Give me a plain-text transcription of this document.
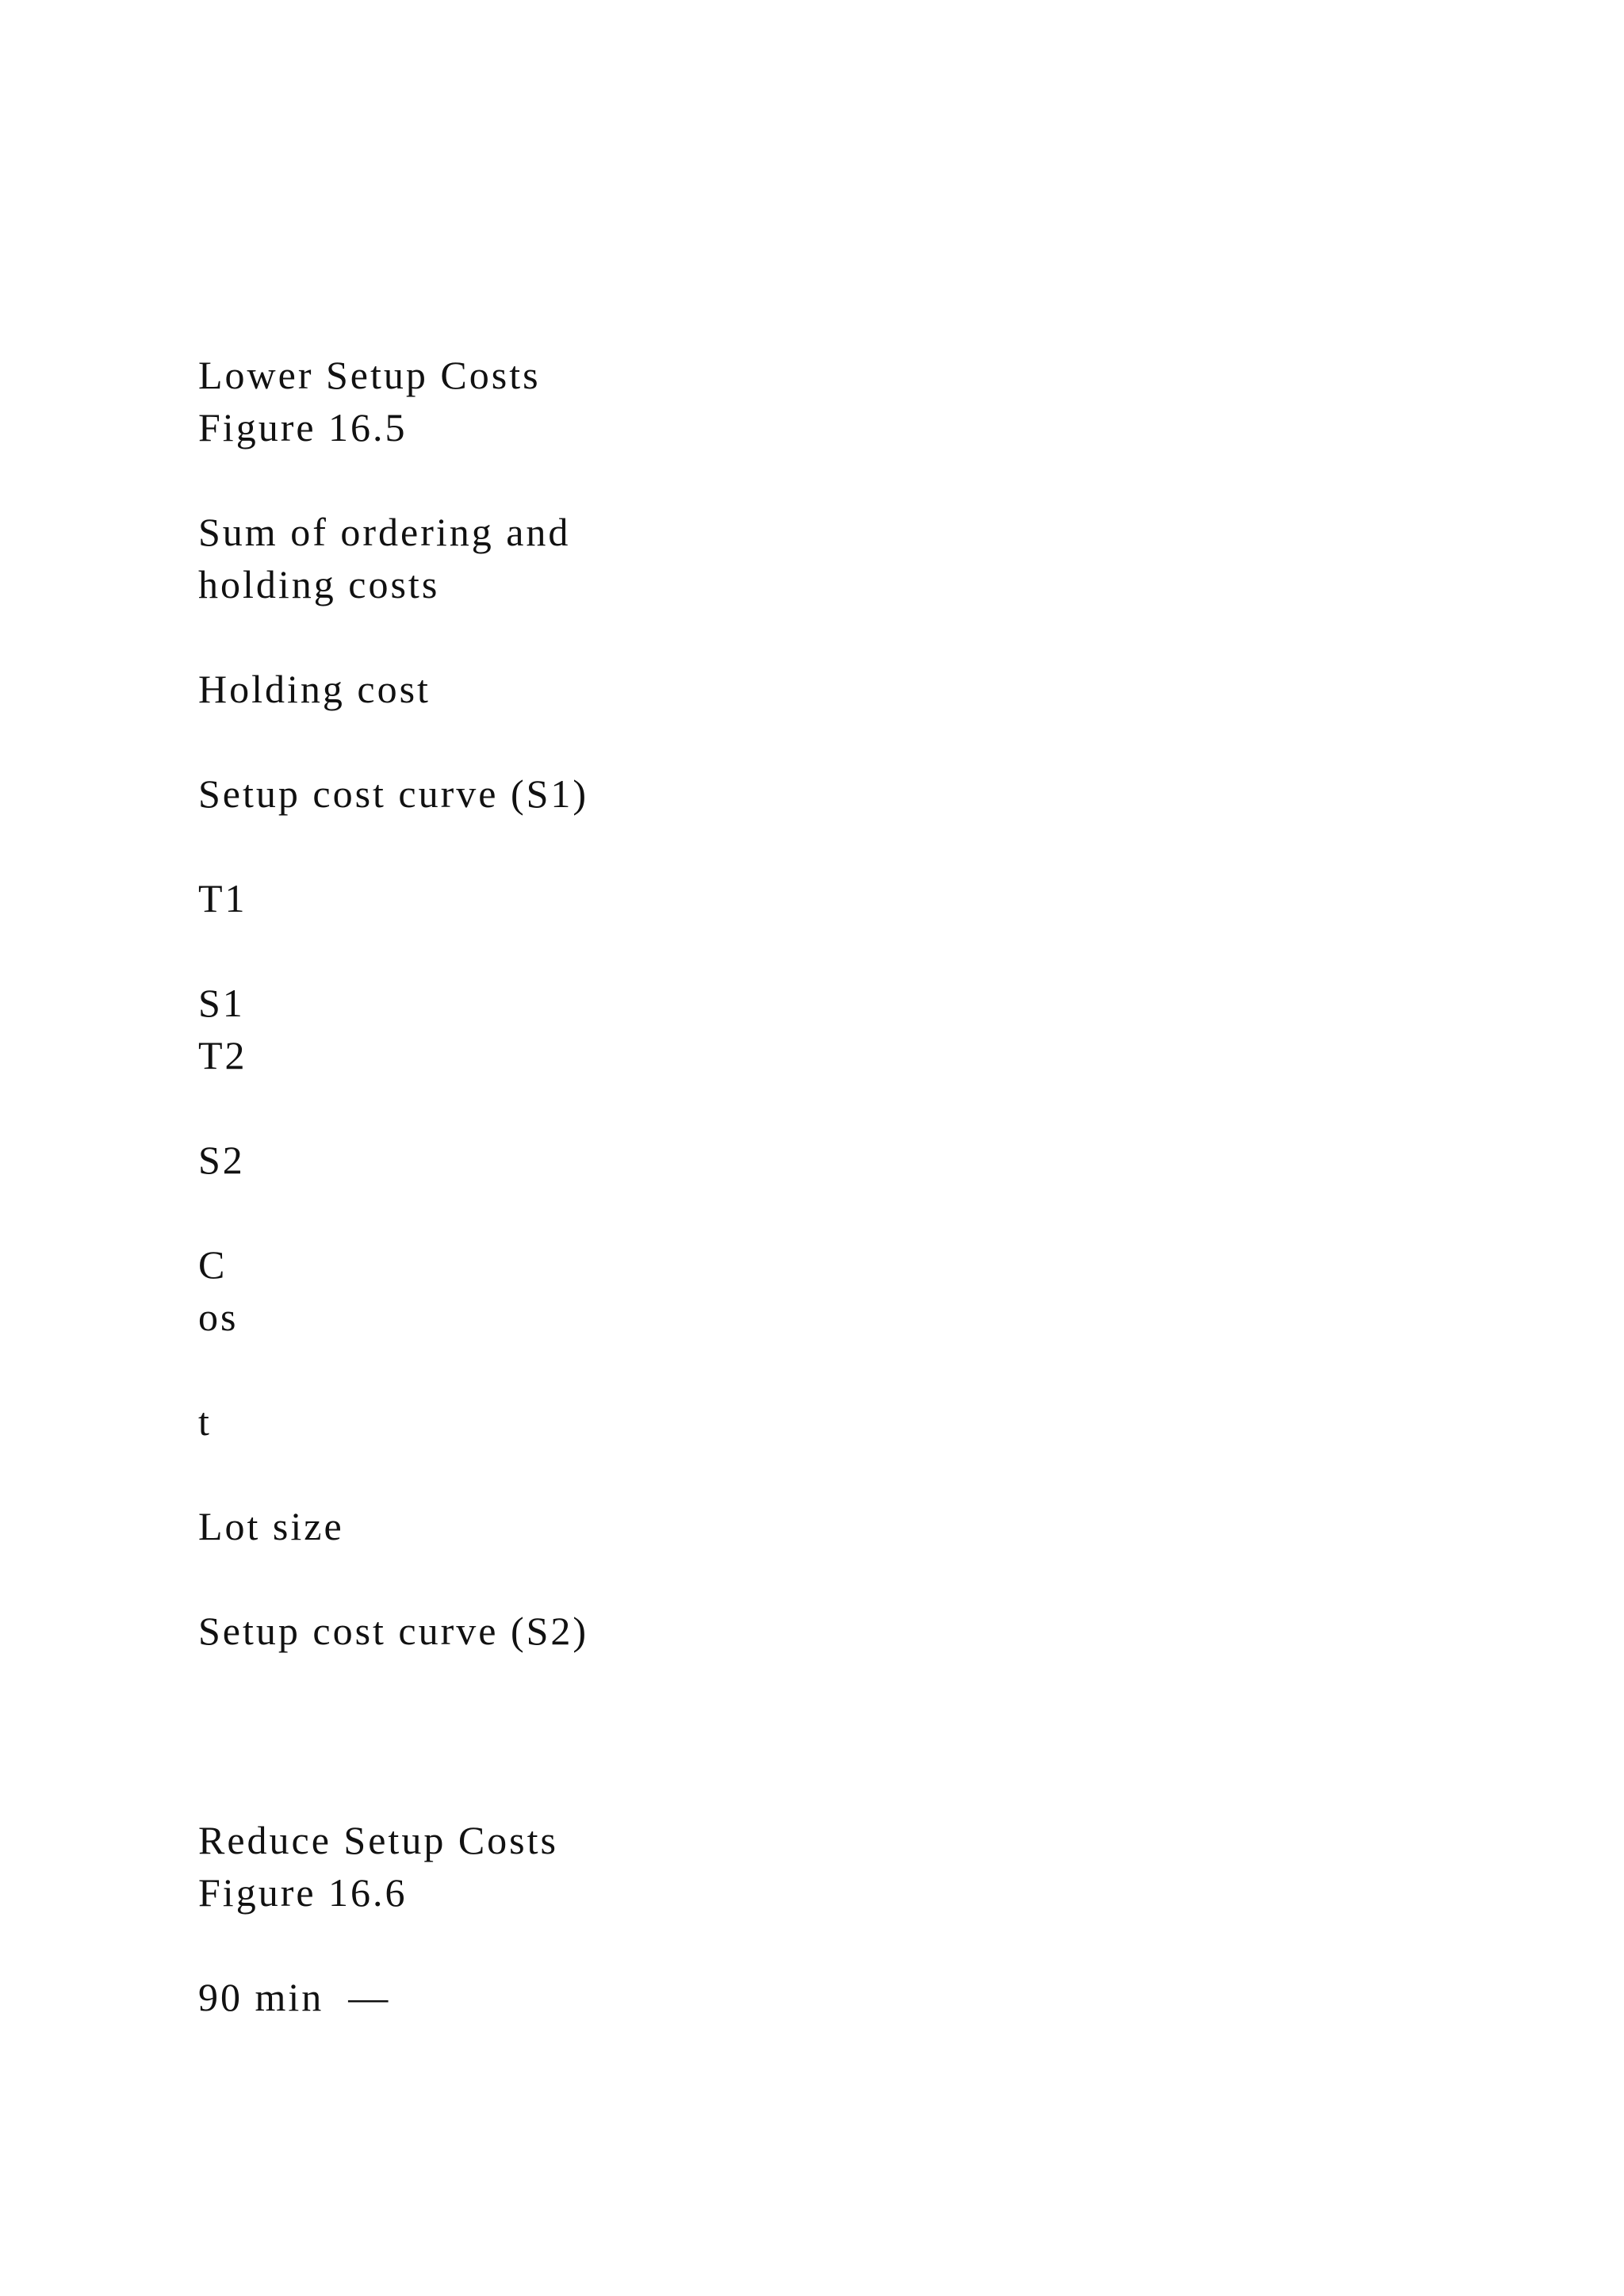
Lower Setup Costs
Figure 16.5
Sum of ordering and
holding costs
Holding cost
Setup cost curve (S1)
T1
S1
T2
S2
C
os
t
Lot size
Setup cost curve (S2)
Reduce Setup Costs
Figure 16.6
90 min  —
